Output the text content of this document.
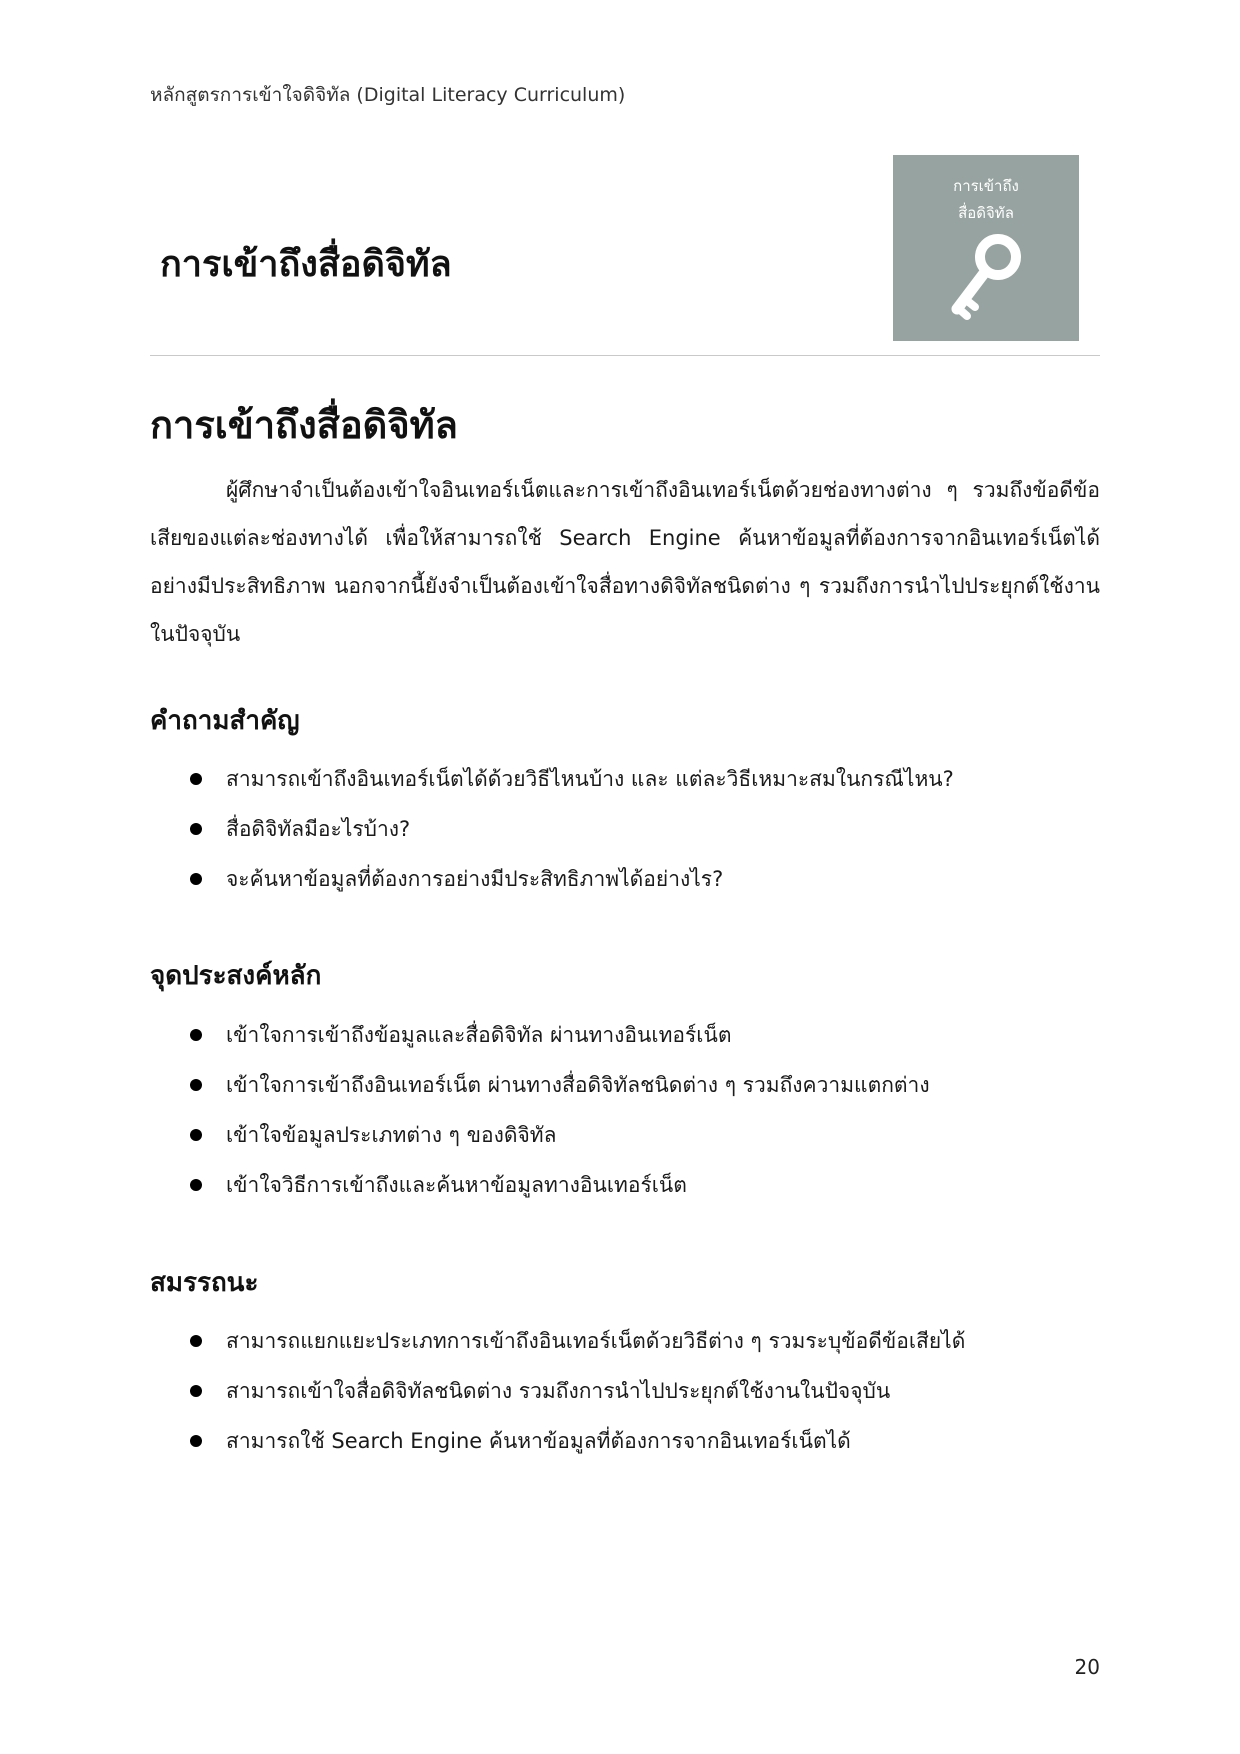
หลักสูตรการเข้าใจดิจิทัล (Digital Literacy Curriculum)
การเข้าถึงสื่อดิจิทัล
การเข้าถึง
สื่อดิจิทัล
การเข้าถึงสื่อดิจิทัล
ผู้ศึกษาจำเป็นต้องเข้าใจอินเทอร์เน็ตและการเข้าถึงอินเทอร์เน็ตด้วยช่องทางต่าง ๆ รวมถึงข้อดีข้อเสียของแต่ละช่องทางได้ เพื่อให้สามารถใช้ Search Engine ค้นหาข้อมูลที่ต้องการจากอินเทอร์เน็ตได้อย่างมีประสิทธิภาพ นอกจากนี้ยังจำเป็นต้องเข้าใจสื่อทางดิจิทัลชนิดต่าง ๆ รวมถึงการนำไปประยุกต์ใช้งานในปัจจุบัน
คำถามสำคัญ
สามารถเข้าถึงอินเทอร์เน็ตได้ด้วยวิธีไหนบ้าง และ แต่ละวิธีเหมาะสมในกรณีไหน?
สื่อดิจิทัลมีอะไรบ้าง?
จะค้นหาข้อมูลที่ต้องการอย่างมีประสิทธิภาพได้อย่างไร?
จุดประสงค์หลัก
เข้าใจการเข้าถึงข้อมูลและสื่อดิจิทัล ผ่านทางอินเทอร์เน็ต
เข้าใจการเข้าถึงอินเทอร์เน็ต ผ่านทางสื่อดิจิทัลชนิดต่าง ๆ รวมถึงความแตกต่าง
เข้าใจข้อมูลประเภทต่าง ๆ ของดิจิทัล
เข้าใจวิธีการเข้าถึงและค้นหาข้อมูลทางอินเทอร์เน็ต
สมรรถนะ
สามารถแยกแยะประเภทการเข้าถึงอินเทอร์เน็ตด้วยวิธีต่าง ๆ รวมระบุข้อดีข้อเสียได้
สามารถเข้าใจสื่อดิจิทัลชนิดต่าง รวมถึงการนำไปประยุกต์ใช้งานในปัจจุบัน
สามารถใช้ Search Engine ค้นหาข้อมูลที่ต้องการจากอินเทอร์เน็ตได้
20
